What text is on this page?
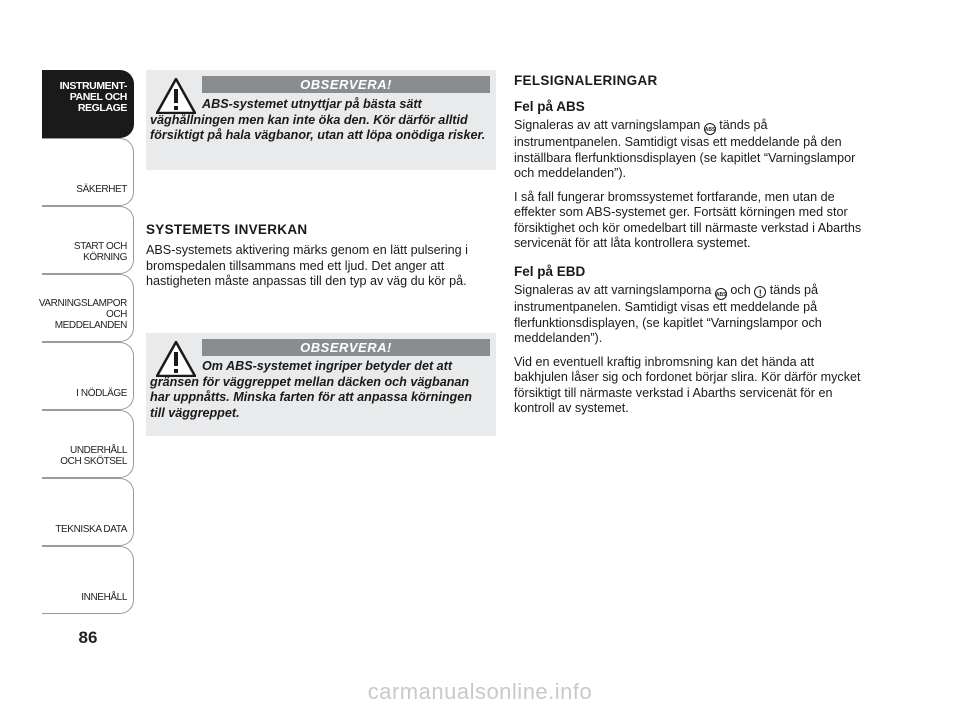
INSTRUMENT-
PANEL OCH
REGLAGE
SÄKERHET
START OCH
KÖRNING
VARNINGSLAMPOR
OCH
MEDDELANDEN
I NÖDLÄGE
UNDERHÅLL
OCH SKÖTSEL
TEKNISKA DATA
INNEHÅLL
86
OBSERVERA!
ABS-systemet utnyttjar på bästa sätt väghållningen men kan inte öka den. Kör därför alltid försiktigt på hala vägbanor, utan att löpa onödiga risker.
SYSTEMETS INVERKAN

ABS-systemets aktivering märks genom en lätt pulsering i bromspedalen tillsammans med ett ljud. Det anger att hastigheten måste anpassas till den typ av väg du kör på.

OBSERVERA!
Om ABS-systemet ingriper betyder det att gränsen för väggreppet mellan däcken och vägbanan har uppnåtts. Minska farten för att anpassa körningen till väggreppet.
FELSIGNALERINGAR
Fel på ABS

Signaleras av att varningslampan ABS tänds på instrumentpanelen. Samtidigt visas ett meddelande på den inställbara flerfunktionsdisplayen (se kapitlet “Varningslampor och meddelanden”).

I så fall fungerar bromssystemet fortfarande, men utan de effekter som ABS-systemet ger. Fortsätt körningen med stor försiktighet och kör omedelbart till närmaste verkstad i Abarths servicenät för att låta kontrollera systemet.

Fel på EBD

Signaleras av att varningslamporna ABS och ! tänds på instrumentpanelen. Samtidigt visas ett meddelande på flerfunktionsdisplayen, (se kapitlet “Varningslampor och meddelanden”).

Vid en eventuell kraftig inbromsning kan det hända att bakhjulen låser sig och fordonet börjar slira. Kör därför mycket försiktigt till närmaste verkstad i Abarths servicenät för en kontroll av systemet.

carmanualsonline.info
